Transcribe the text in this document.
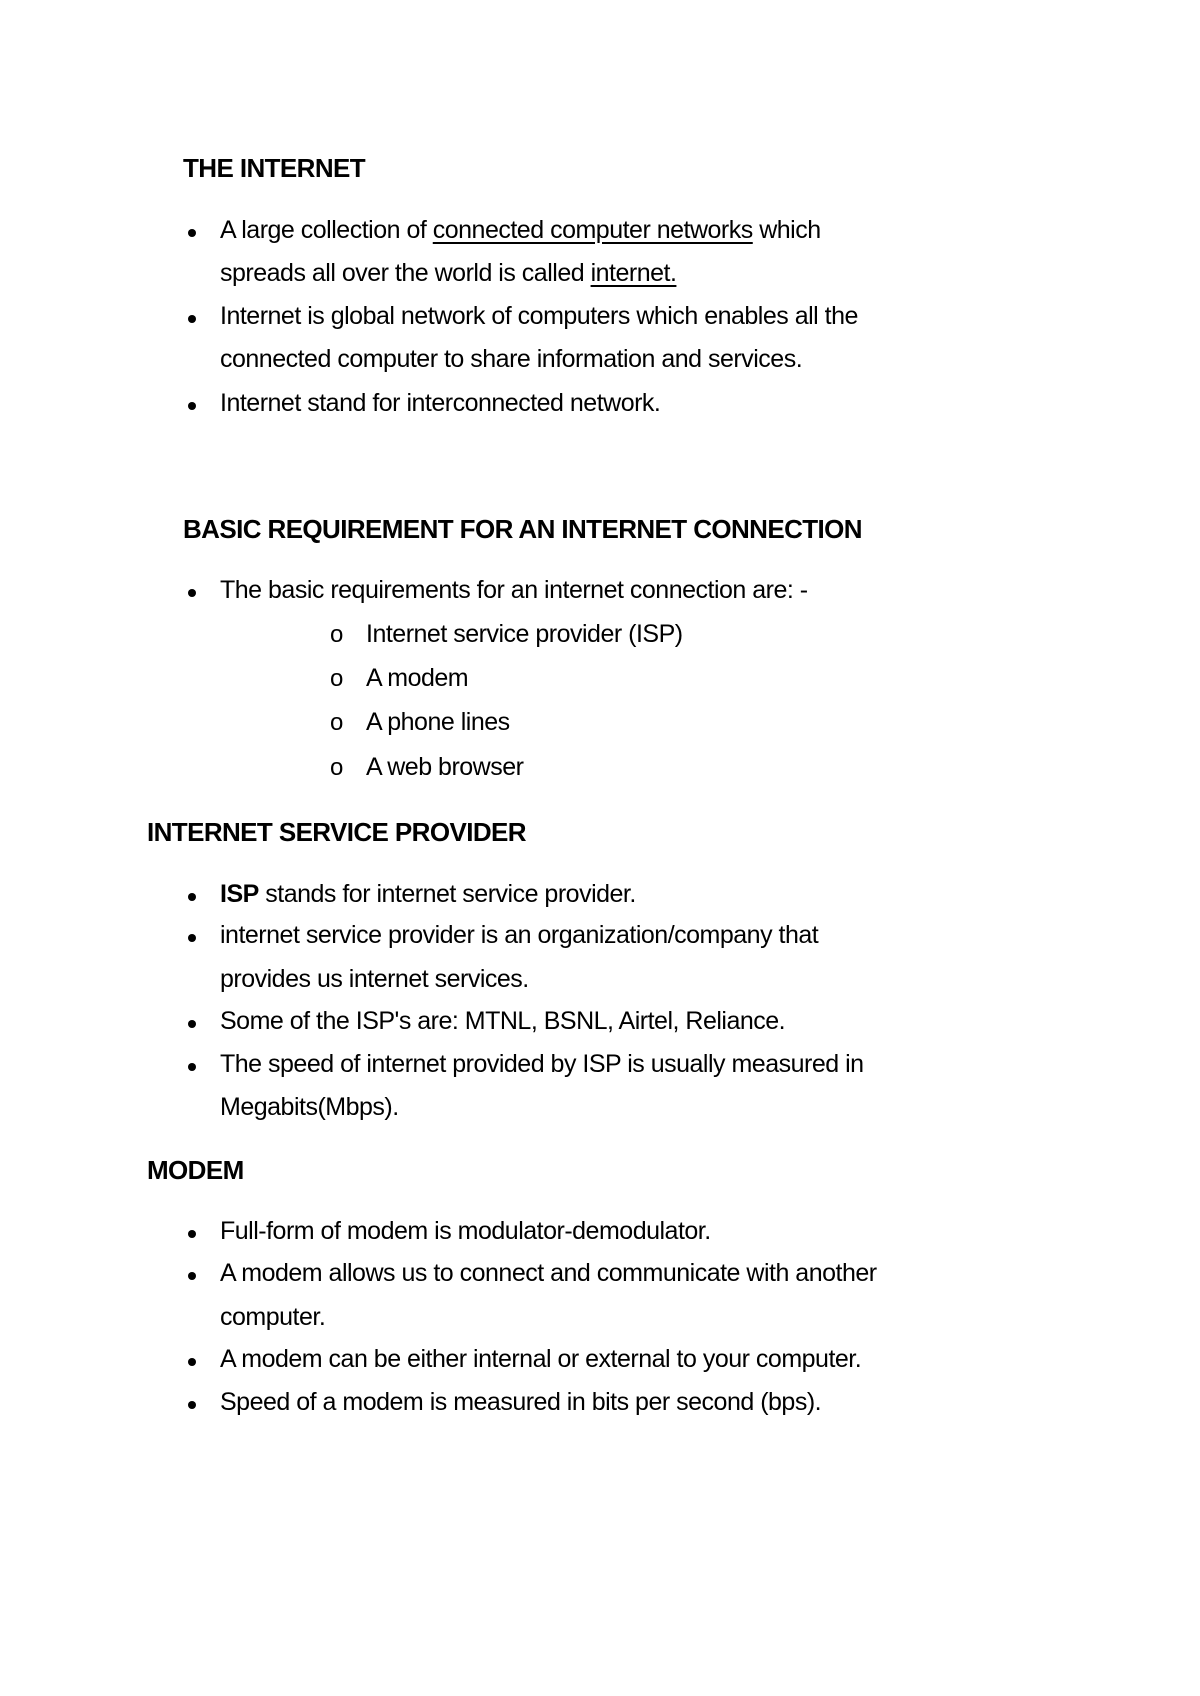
THE INTERNET
A large collection of connected computer networks which
spreads all over the world is called internet.
Internet is global network of computers which enables all the
connected computer to share information and services.
Internet stand for interconnected network.
BASIC REQUIREMENT FOR AN INTERNET CONNECTION
The basic requirements for an internet connection are: -
o Internet service provider (ISP)
o A modem
o A phone lines
o A web browser
INTERNET SERVICE PROVIDER
ISP stands for internet service provider.
internet service provider is an organization/company that
provides us internet services.
Some of the ISP's are: MTNL, BSNL, Airtel, Reliance.
The speed of internet provided by ISP is usually measured in
Megabits(Mbps).
MODEM
Full-form of modem is modulator-demodulator.
A modem allows us to connect and communicate with another
computer.
A modem can be either internal or external to your computer.
Speed of a modem is measured in bits per second (bps).
